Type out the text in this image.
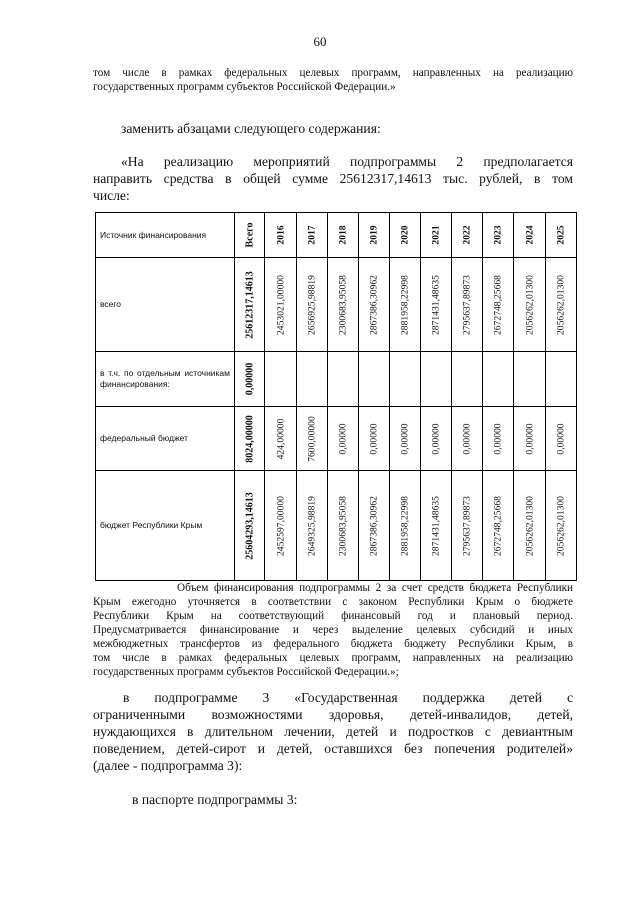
60
том числе в рамках федеральных целевых программ, направленных на реализацию
государственных программ субъектов Российской Федерации.»
заменить абзацами следующего содержания:
«На реализацию мероприятий подпрограммы 2 предполагается
направить средства в общей сумме 25612317,14613 тыс. рублей, в том
числе:
Источник финансирования	Всего	2016	2017	2018	2019	2020	2021	2022	2023	2024	2025

всего	25612317,14613	2453021,00000	2656925,98819	2300683,95058	2867386,30962	2881958,22998	2871431,48635	2795637,89873	2672748,25668	2056262,01300	2056262,01300

в т.ч. по отдельным источникам финансирования:	0,00000										

федеральный бюджет	8024,00000	424,00000	7600,00000	0,00000	0,00000	0,00000	0,00000	0,00000	0,00000	0,00000	0,00000

бюджет Республики Крым	25604293,14613	2452597,00000	2649325,98819	2300683,95058	2867386,30962	2881958,22998	2871431,48635	2795637,89873	2672748,25668	2056262,01300	2056262,01300
Объем финансирования подпрограммы 2 за счет средств бюджета Республики
Крым ежегодно уточняется в соответствии с законом Республики Крым о бюджете
Республики Крым на соответствующий финансовый год и плановый период.
Предусматривается финансирование и через выделение целевых субсидий и иных
межбюджетных трансфертов из федерального бюджета бюджету Республики Крым, в
том числе в рамках федеральных целевых программ, направленных на реализацию
государственных программ субъектов Российской Федерации.»;
в подпрограмме 3 «Государственная поддержка детей с
ограниченными возможностями здоровья, детей-инвалидов, детей,
нуждающихся в длительном лечении, детей и подростков с девиантным
поведением, детей-сирот и детей, оставшихся без попечения родителей»
(далее - подпрограмма 3):
в паспорте подпрограммы 3:
